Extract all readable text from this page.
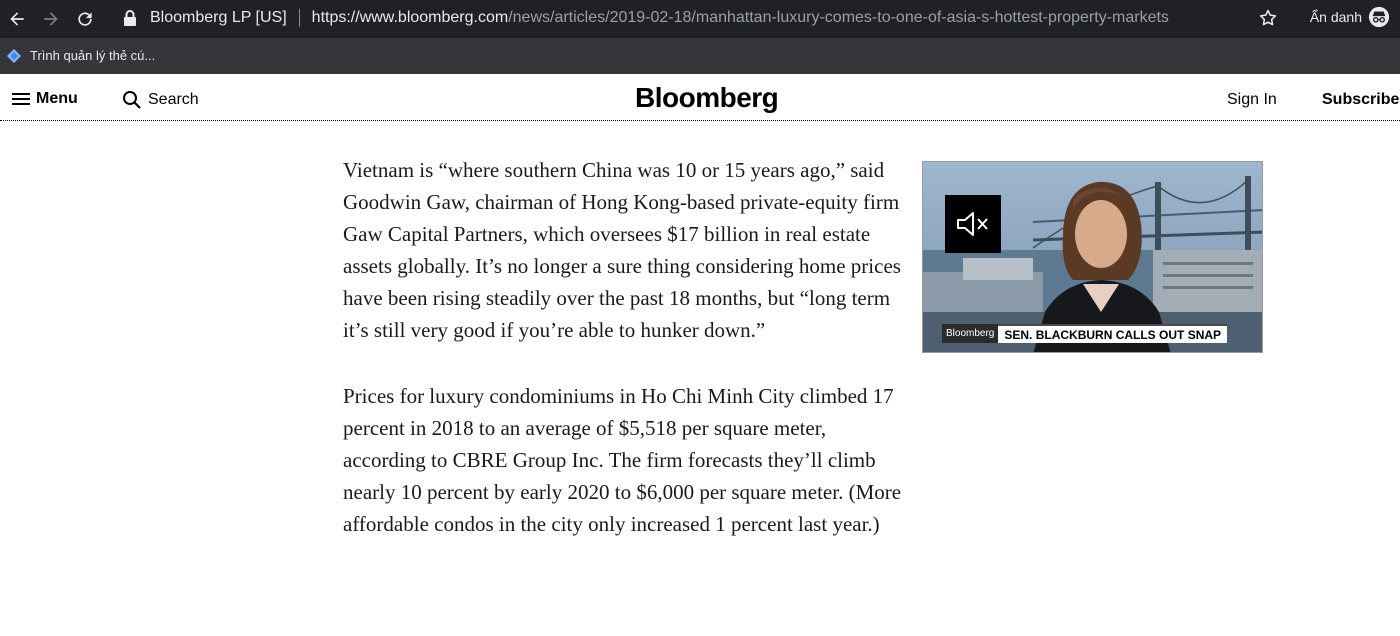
Bloomberg LP [US] https://www.bloomberg.com/news/articles/2019-02-18/manhattan-luxury-comes-to-one-of-asia-s-hottest-property-markets	Ẩn danh
Trình quản lý thẻ cú...
Menu	Search	Bloomberg	Sign In	Subscribe

Vietnam is “where southern China was 10 or 15 years ago,” said Goodwin Gaw, chairman of Hong Kong-based private-equity firm Gaw Capital Partners, which oversees $17 billion in real estate assets globally. It’s no longer a sure thing considering home prices have been rising steadily over the past 18 months, but “long term it’s still very good if you’re able to hunker down.”

Prices for luxury condominiums in Ho Chi Minh City climbed 17 percent in 2018 to an average of $5,518 per square meter, according to CBRE Group Inc. The firm forecasts they’ll climb nearly 10 percent by early 2020 to $6,000 per square meter. (More affordable condos in the city only increased 1 percent last year.)

Bloomberg SEN. BLACKBURN CALLS OUT SNAP
